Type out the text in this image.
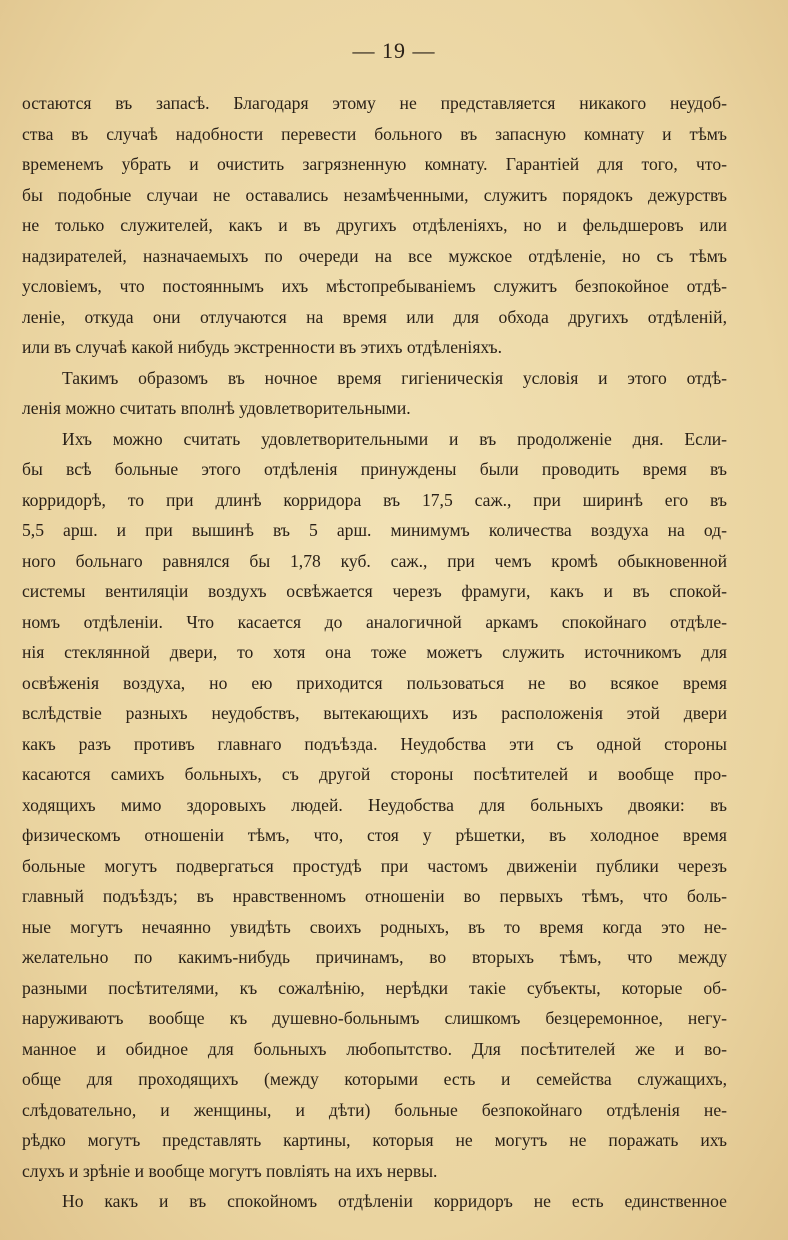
— 19 —
остаются въ запасѣ. Благодаря этому не представляется никакого неудоб-
ства въ случаѣ надобности перевести больного въ запасную комнату и тѣмъ
временемъ убрать и очистить загрязненную комнату. Гарантіей для того, что-
бы подобные случаи не оставались незамѣченными, служитъ порядокъ дежурствъ
не только служителей, какъ и въ другихъ отдѣленіяхъ, но и фельдшеровъ или
надзирателей, назначаемыхъ по очереди на все мужское отдѣленіе, но съ тѣмъ
условіемъ, что постояннымъ ихъ мѣстопребываніемъ служитъ безпокойное отдѣ-
леніе, откуда они отлучаются на время или для обхода другихъ отдѣленій,
или въ случаѣ какой нибудь экстренности въ этихъ отдѣленіяхъ.
Такимъ образомъ въ ночное время гигіеническія условія и этого отдѣ-
ленія можно считать вполнѣ удовлетворительными.
Ихъ можно считать удовлетворительными и въ продолженіе дня. Если-
бы всѣ больные этого отдѣленія принуждены были проводить время въ
корридорѣ, то при длинѣ корридора въ 17,5 саж., при ширинѣ его въ
5,5 арш. и при вышинѣ въ 5 арш. минимумъ количества воздуха на од-
ного больнаго равнялся бы 1,78 куб. саж., при чемъ кромѣ обыкновенной
системы вентиляціи воздухъ освѣжается черезъ фрамуги, какъ и въ спокой-
номъ отдѣленіи. Что касается до аналогичной аркамъ спокойнаго отдѣле-
нія стеклянной двери, то хотя она тоже можетъ служить источникомъ для
освѣженія воздуха, но ею приходится пользоваться не во всякое время
вслѣдствіе разныхъ неудобствъ, вытекающихъ изъ расположенія этой двери
какъ разъ противъ главнаго подъѣзда. Неудобства эти съ одной стороны
касаются самихъ больныхъ, съ другой стороны посѣтителей и вообще про-
ходящихъ мимо здоровыхъ людей. Неудобства для больныхъ двояки: въ
физическомъ отношеніи тѣмъ, что, стоя у рѣшетки, въ холодное время
больные могутъ подвергаться простудѣ при частомъ движеніи публики черезъ
главный подъѣздъ; въ нравственномъ отношеніи во первыхъ тѣмъ, что боль-
ные могутъ нечаянно увидѣть своихъ родныхъ, въ то время когда это не-
желательно по какимъ-нибудь причинамъ, во вторыхъ тѣмъ, что между
разными посѣтителями, къ сожалѣнію, нерѣдки такіе субъекты, которые об-
наруживаютъ вообще къ душевно-больнымъ слишкомъ безцеремонное, негу-
манное и обидное для больныхъ любопытство. Для посѣтителей же и во-
обще для проходящихъ (между которыми есть и семейства служащихъ,
слѣдовательно, и женщины, и дѣти) больные безпокойнаго отдѣленія не-
рѣдко могутъ представлять картины, которыя не могутъ не поражать ихъ
слухъ и зрѣніе и вообще могутъ повліять на ихъ нервы.
Но какъ и въ спокойномъ отдѣленіи корридоръ не есть единственное
